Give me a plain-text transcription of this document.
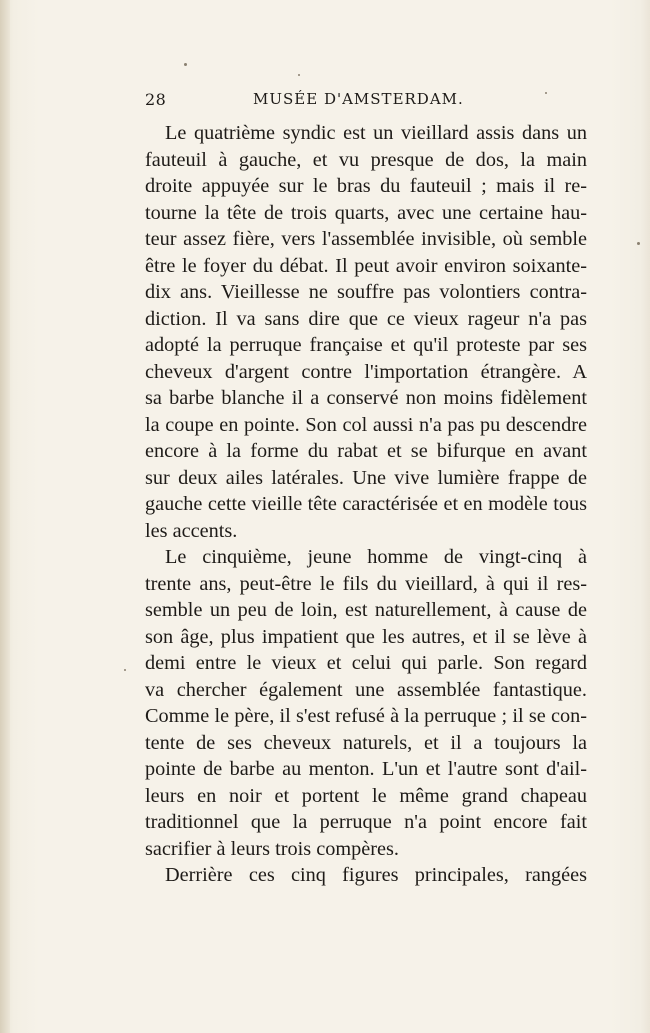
28	MUSÉE D'AMSTERDAM.
Le quatrième syndic est un vieillard assis dans un
fauteuil à gauche, et vu presque de dos, la main
droite appuyée sur le bras du fauteuil ; mais il re-
tourne la tête de trois quarts, avec une certaine hau-
teur assez fière, vers l'assemblée invisible, où semble
être le foyer du débat. Il peut avoir environ soixante-
dix ans. Vieillesse ne souffre pas volontiers contra-
diction. Il va sans dire que ce vieux rageur n'a pas
adopté la perruque française et qu'il proteste par ses
cheveux d'argent contre l'importation étrangère. A
sa barbe blanche il a conservé non moins fidèlement
la coupe en pointe. Son col aussi n'a pas pu descendre
encore à la forme du rabat et se bifurque en avant
sur deux ailes latérales. Une vive lumière frappe de
gauche cette vieille tête caractérisée et en modèle tous
les accents.
Le cinquième, jeune homme de vingt-cinq à
trente ans, peut-être le fils du vieillard, à qui il res-
semble un peu de loin, est naturellement, à cause de
son âge, plus impatient que les autres, et il se lève à
demi entre le vieux et celui qui parle. Son regard
va chercher également une assemblée fantastique.
Comme le père, il s'est refusé à la perruque ; il se con-
tente de ses cheveux naturels, et il a toujours la
pointe de barbe au menton. L'un et l'autre sont d'ail-
leurs en noir et portent le même grand chapeau
traditionnel que la perruque n'a point encore fait
sacrifier à leurs trois compères.
Derrière ces cinq figures principales, rangées
